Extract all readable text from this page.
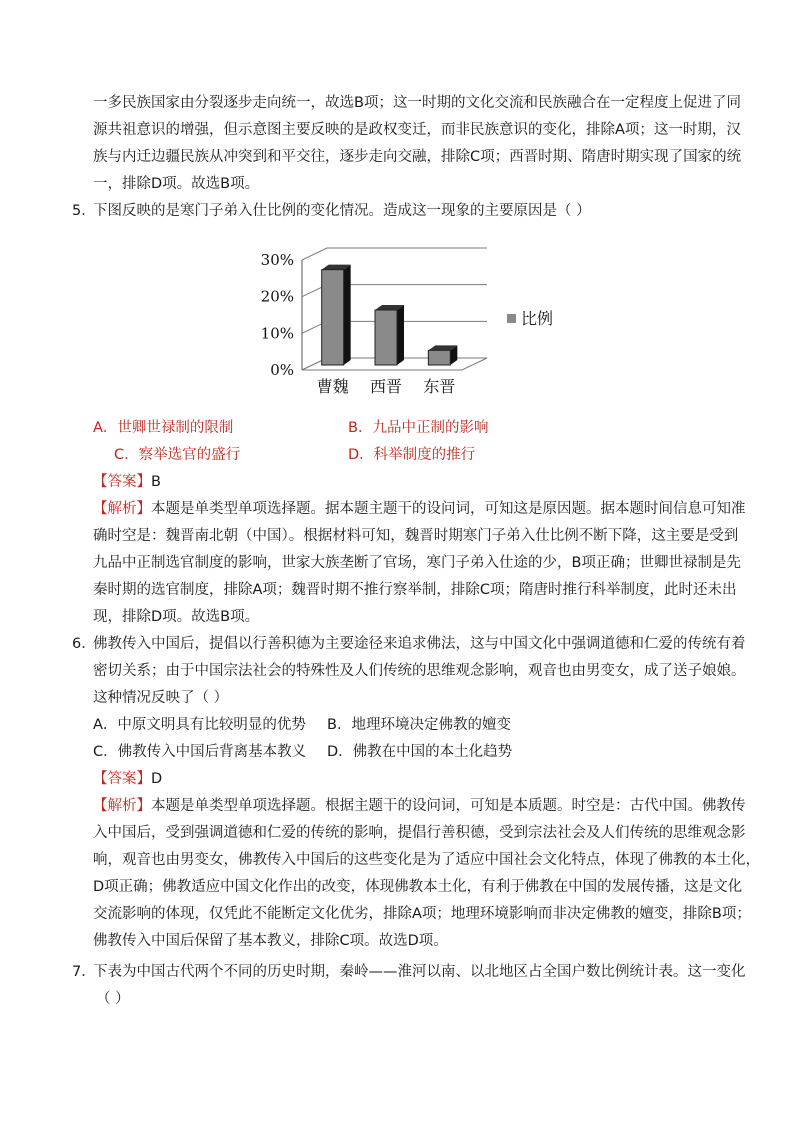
一多民族国家由分裂逐步走向统一，故选B项；这一时期的文化交流和民族融合在一定程度上促进了同
源共祖意识的增强，但示意图主要反映的是政权变迁，而非民族意识的变化，排除A项；这一时期，汉
族与内迁边疆民族从冲突到和平交往，逐步走向交融，排除C项；西晋时期、隋唐时期实现了国家的统
一，排除D项。故选B项。
5．
下图反映的是寒门子弟入仕比例的变化情况。造成这一现象的主要原因是（ ）
0%
10%
20%
30%
曹魏 西晋 东晋
比例
A．世卿世禄制的限制	B．九品中正制的影响
C．察举选官的盛行	D．科举制度的推行
【答案】B
【解析】本题是单类型单项选择题。据本题主题干的设问词，可知这是原因题。据本题时间信息可知准
确时空是：魏晋南北朝（中国）。根据材料可知，魏晋时期寒门子弟入仕比例不断下降，这主要是受到
九品中正制选官制度的影响，世家大族垄断了官场，寒门子弟入仕途的少，B项正确；世卿世禄制是先
秦时期的选官制度，排除A项；魏晋时期不推行察举制，排除C项；隋唐时推行科举制度，此时还未出
现，排除D项。故选B项。
6．
佛教传入中国后，提倡以行善积德为主要途径来追求佛法，这与中国文化中强调道德和仁爱的传统有着
密切关系；由于中国宗法社会的特殊性及人们传统的思维观念影响，观音也由男变女，成了送子娘娘。
这种情况反映了（ ）
A．中原文明具有比较明显的优势 B．地理环境决定佛教的嬗变
C．佛教传入中国后背离基本教义 D．佛教在中国的本土化趋势
【答案】D
【解析】本题是单类型单项选择题。根据主题干的设问词，可知是本质题。时空是：古代中国。佛教传
入中国后，受到强调道德和仁爱的传统的影响，提倡行善积德，受到宗法社会及人们传统的思维观念影
响，观音也由男变女，佛教传入中国后的这些变化是为了适应中国社会文化特点，体现了佛教的本土化，
D项正确；佛教适应中国文化作出的改变，体现佛教本土化，有利于佛教在中国的发展传播，这是文化
交流影响的体现，仅凭此不能断定文化优劣，排除A项；地理环境影响而非决定佛教的嬗变，排除B项；
佛教传入中国后保留了基本教义，排除C项。故选D项。
7．
下表为中国古代两个不同的历史时期，秦岭——淮河以南、以北地区占全国户数比例统计表。这一变化
（ ）
